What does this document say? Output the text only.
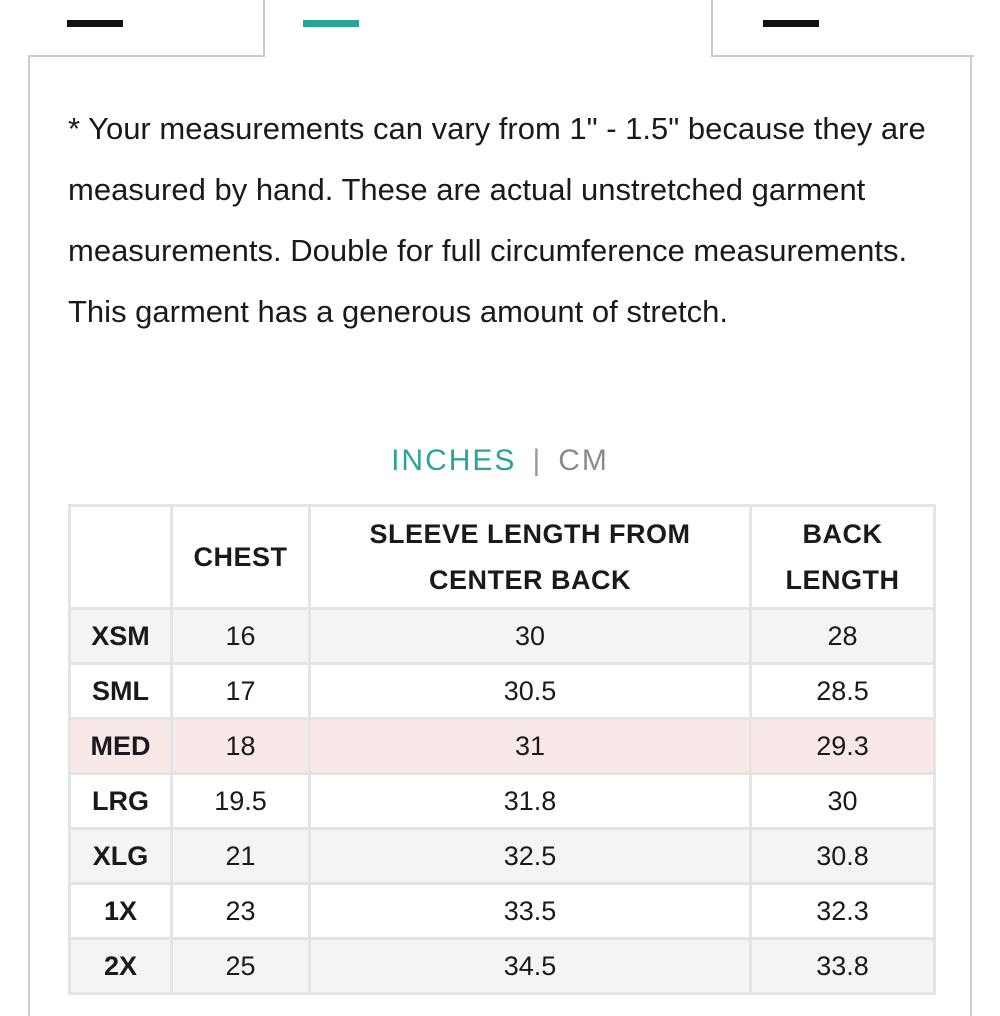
* Your measurements can vary from 1" - 1.5" because they are measured by hand. These are actual unstretched garment measurements. Double for full circumference measurements. This garment has a generous amount of stretch.

INCHES | CM
	CHEST	SLEEVE LENGTH FROM CENTER BACK	BACK LENGTH
XSM	16	30	28
SML	17	30.5	28.5
MED	18	31	29.3
LRG	19.5	31.8	30
XLG	21	32.5	30.8
1X	23	33.5	32.3
2X	25	34.5	33.8
